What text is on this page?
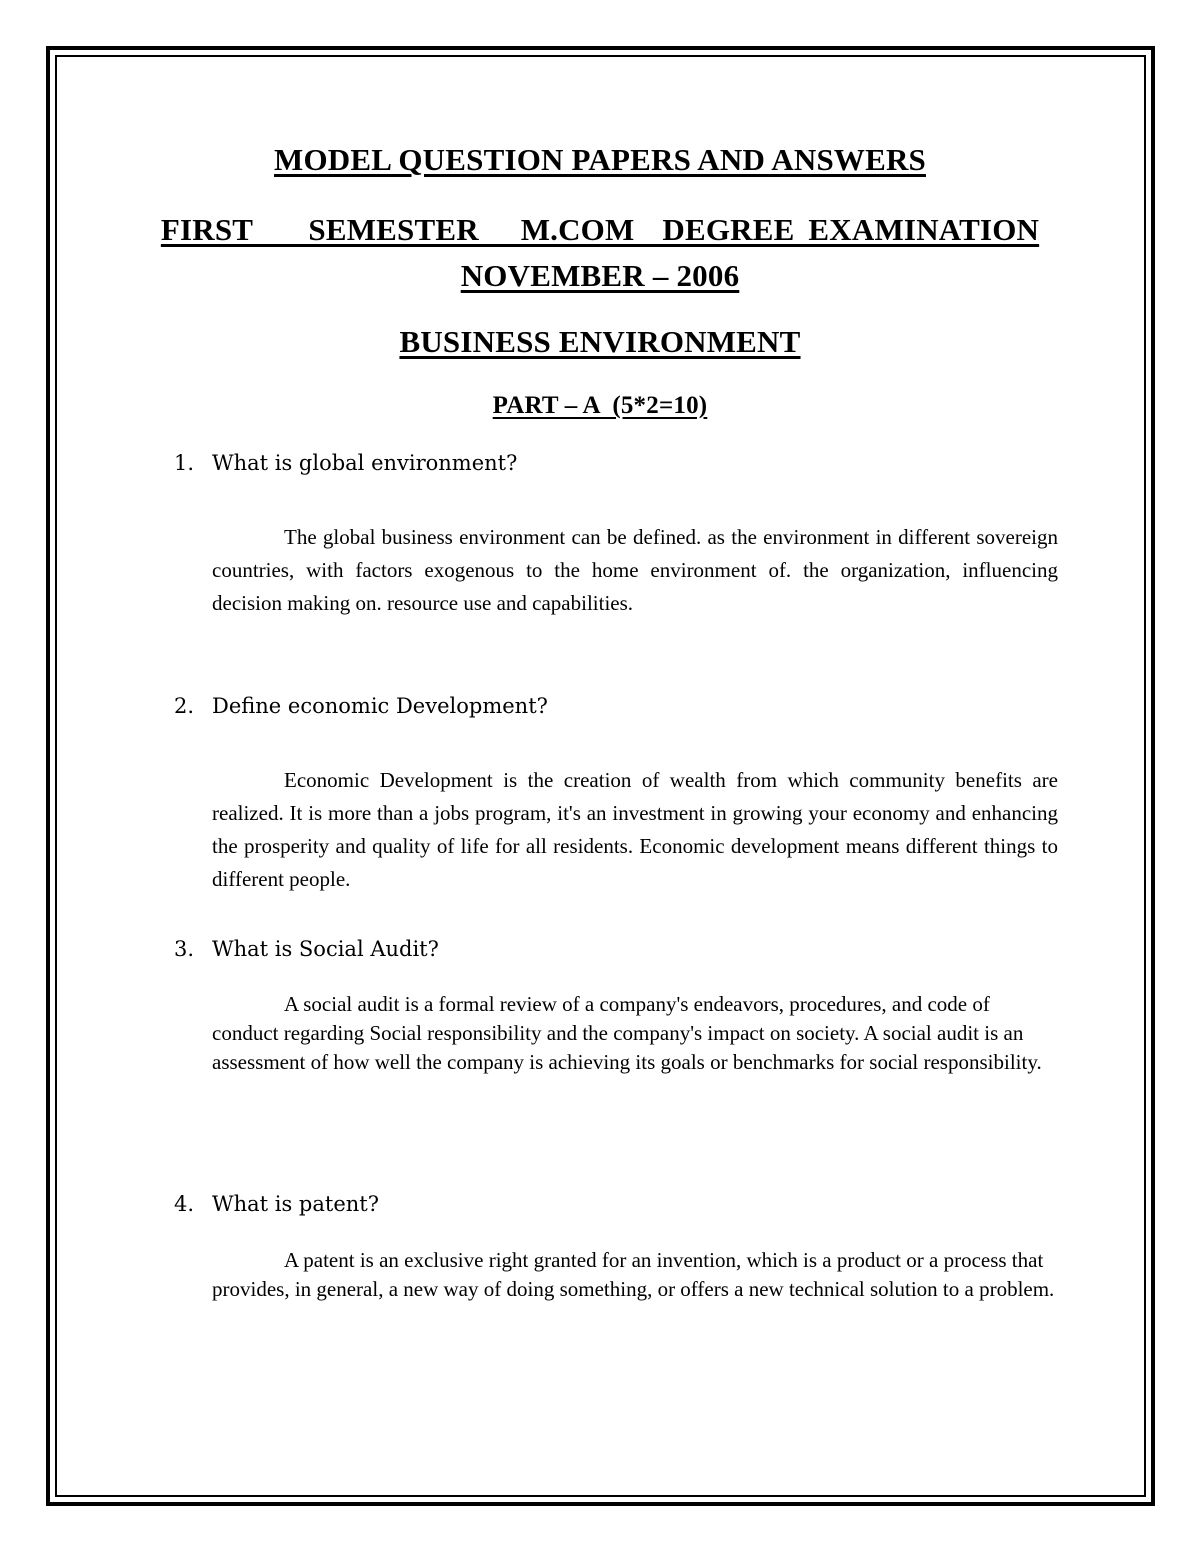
MODEL QUESTION PAPERS AND ANSWERS
FIRST    SEMESTER   M.COM  DEGREE EXAMINATION
NOVEMBER – 2006
BUSINESS ENVIRONMENT
PART – A  (5*2=10)

1. What is global environment?

The global business environment can be defined. as the environment in different sovereign countries, with factors exogenous to the home environment of. the organization, influencing decision making on. resource use and capabilities.

2. Define economic Development?

Economic Development is the creation of wealth from which community benefits are realized. It is more than a jobs program, it's an investment in growing your economy and enhancing the prosperity and quality of life for all residents. Economic development means different things to different people.

3. What is Social Audit?

A social audit is a formal review of a company's endeavors, procedures, and code of conduct regarding Social responsibility and the company's impact on society. A social audit is an assessment of how well the company is achieving its goals or benchmarks for social responsibility.

4. What is patent?

A patent is an exclusive right granted for an invention, which is a product or a process that provides, in general, a new way of doing something, or offers a new technical solution to a problem.
